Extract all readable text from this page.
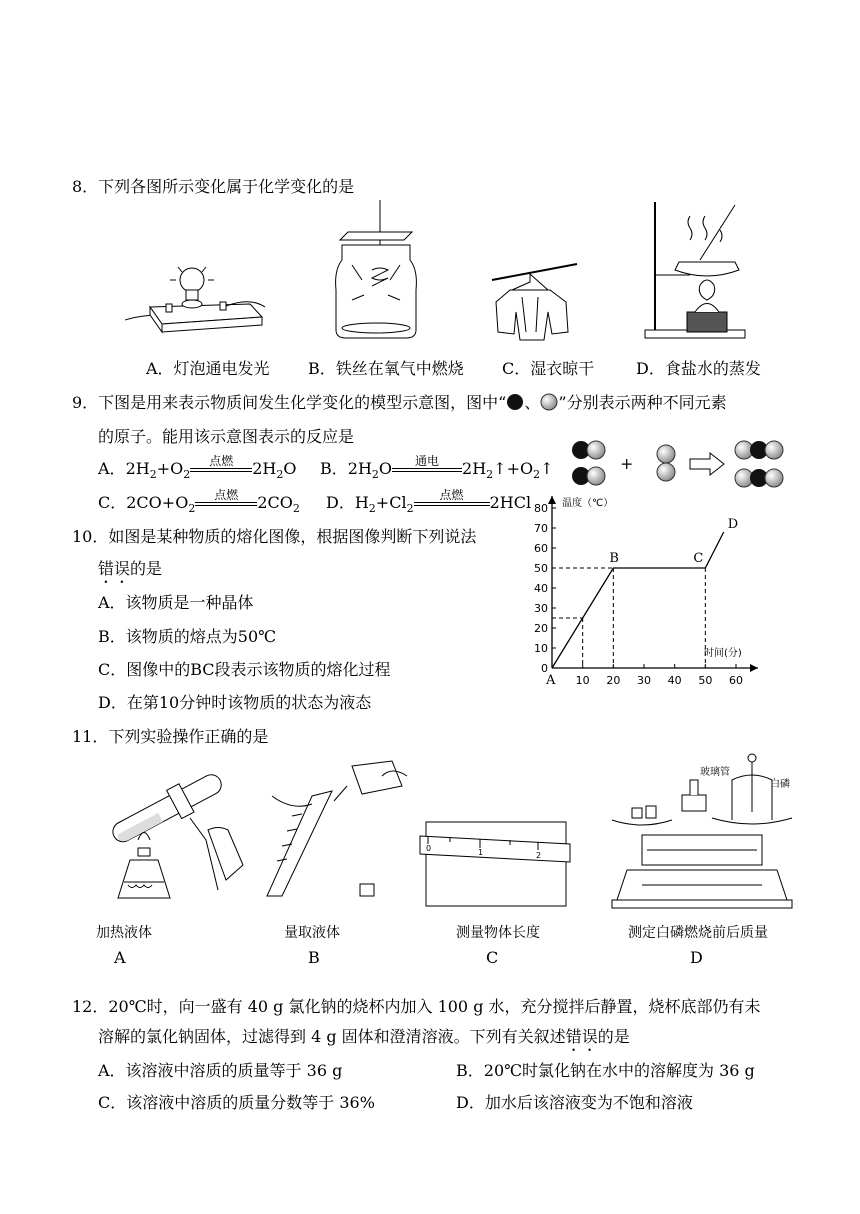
8．下列各图所示变化属于化学变化的是
A．灯泡通电发光 B．铁丝在氧气中燃烧 C．湿衣晾干	D．食盐水的蒸发
9．下图是用来表示物质间发生化学变化的模型示意图，图中“ 、 ”分别表示两种不同元素
的原子。能用该示意图表示的反应是
A．$2H_2+O_2$
点燃	$2H_2O$ B．$2H_2O$	通电	$2H_2↑+O_2↑$
C．$2CO+O_2$
点燃	$2CO_2$ D．$H_2+Cl_2$
点燃	2HCl
+
10．如图是某种物质的熔化图像，根据图像判断下列说法
错误的是
A．该物质是一种晶体
B．该物质的熔点为50℃
C．图像中的BC段表示该物质的熔化过程
D．在第10分钟时该物质的状态为液态
10
20
30
40
50
60
70
80
0
10 20 30 40 50 60
温度（℃）
时间(分)
A
B	C
D
11．下列实验操作正确的是
0	1	2
玻璃管
白磷
加热液体	量取液体	测量物体长度	测定白磷燃烧前后质量
A	B	C	D
12．20℃时，向一盛有 40 g 氯化钠的烧杯内加入 100 g 水，充分搅拌后静置，烧杯底部仍有未
溶解的氯化钠固体，过滤得到 4 g 固体和澄清溶液。下列有关叙述错误的是
A．该溶液中溶质的质量等于 36 g	B．20℃时氯化钠在水中的溶解度为 36 g
C．该溶液中溶质的质量分数等于 36%	D．加水后该溶液变为不饱和溶液
